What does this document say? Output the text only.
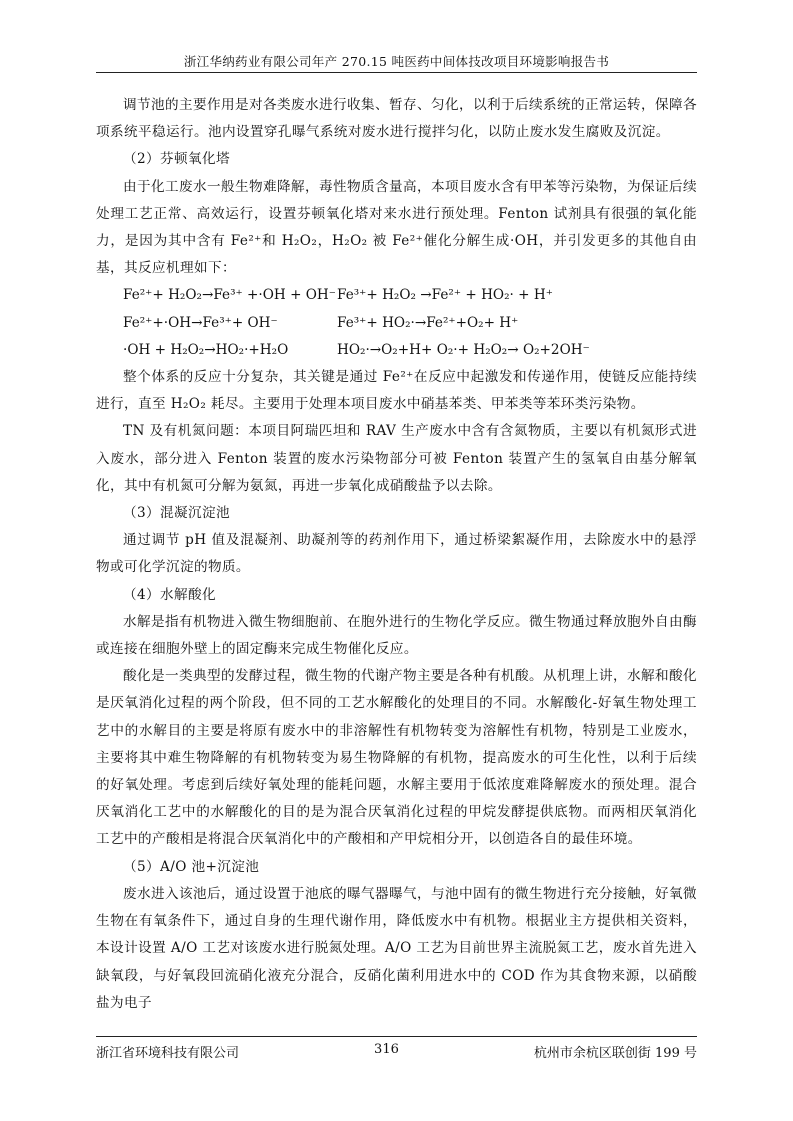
浙江华纳药业有限公司年产 270.15 吨医药中间体技改项目环境影响报告书

调节池的主要作用是对各类废水进行收集、暂存、匀化，以利于后续系统的正常运转，保障各项系统平稳运行。池内设置穿孔曝气系统对废水进行搅拌匀化，以防止废水发生腐败及沉淀。

（2）芬顿氧化塔

由于化工废水一般生物难降解，毒性物质含量高，本项目废水含有甲苯等污染物，为保证后续处理工艺正常、高效运行，设置芬顿氧化塔对来水进行预处理。Fenton 试剂具有很强的氧化能力，是因为其中含有 Fe²⁺和 H₂O₂，H₂O₂ 被 Fe²⁺催化分解生成·OH，并引发更多的其他自由基，其反应机理如下：

Fe²⁺+ H₂O₂→Fe³⁺ +·OH + OH⁻ Fe³⁺+ H₂O₂ →Fe²⁺ + HO₂· + H⁺
Fe²⁺+·OH→Fe³⁺+ OH⁻	Fe³⁺+ HO₂·→Fe²⁺+O₂+ H⁺
·OH + H₂O₂→HO₂·+H₂O	HO₂·→O₂+H+ O₂·+ H₂O₂→ O₂+2OH⁻

整个体系的反应十分复杂，其关键是通过 Fe²⁺在反应中起激发和传递作用，使链反应能持续进行，直至 H₂O₂ 耗尽。主要用于处理本项目废水中硝基苯类、甲苯类等苯环类污染物。

TN 及有机氮问题：本项目阿瑞匹坦和 RAV 生产废水中含有含氮物质，主要以有机氮形式进入废水，部分进入 Fenton 装置的废水污染物部分可被 Fenton 装置产生的氢氧自由基分解氧化，其中有机氮可分解为氨氮，再进一步氧化成硝酸盐予以去除。

（3）混凝沉淀池

通过调节 pH 值及混凝剂、助凝剂等的药剂作用下，通过桥梁絮凝作用，去除废水中的悬浮物或可化学沉淀的物质。

（4）水解酸化

水解是指有机物进入微生物细胞前、在胞外进行的生物化学反应。微生物通过释放胞外自由酶或连接在细胞外壁上的固定酶来完成生物催化反应。

酸化是一类典型的发酵过程，微生物的代谢产物主要是各种有机酸。从机理上讲，水解和酸化是厌氧消化过程的两个阶段，但不同的工艺水解酸化的处理目的不同。水解酸化-好氧生物处理工艺中的水解目的主要是将原有废水中的非溶解性有机物转变为溶解性有机物，特别是工业废水，主要将其中难生物降解的有机物转变为易生物降解的有机物，提高废水的可生化性，以利于后续的好氧处理。考虑到后续好氧处理的能耗问题，水解主要用于低浓度难降解废水的预处理。混合厌氧消化工艺中的水解酸化的目的是为混合厌氧消化过程的甲烷发酵提供底物。而两相厌氧消化工艺中的产酸相是将混合厌氧消化中的产酸相和产甲烷相分开，以创造各自的最佳环境。

（5）A/O 池+沉淀池

废水进入该池后，通过设置于池底的曝气器曝气，与池中固有的微生物进行充分接触，好氧微生物在有氧条件下，通过自身的生理代谢作用，降低废水中有机物。根据业主方提供相关资料，本设计设置 A/O 工艺对该废水进行脱氮处理。A/O 工艺为目前世界主流脱氮工艺，废水首先进入缺氧段，与好氧段回流硝化液充分混合，反硝化菌利用进水中的 COD 作为其食物来源，以硝酸盐为电子

浙江省环境科技有限公司	316	杭州市余杭区联创街 199 号
